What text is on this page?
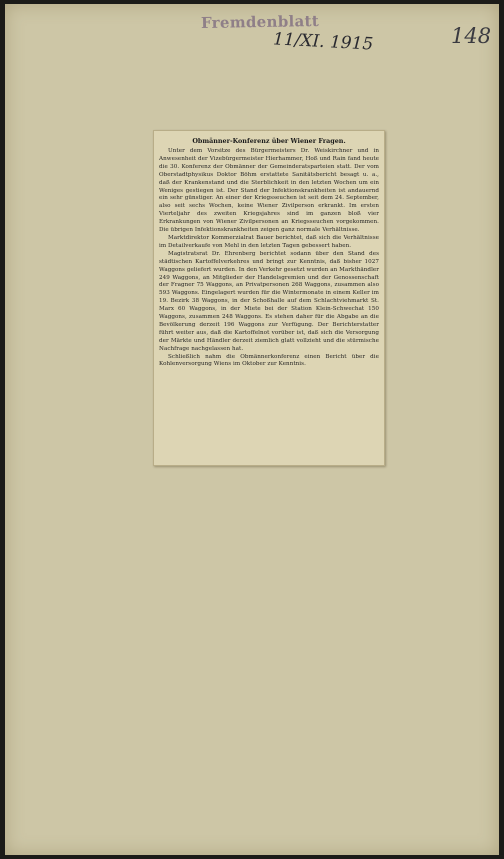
Fremdenblatt
11/XI. 1915	148
Obmänner-Konferenz über Wiener Fragen.

Unter dem Vorsitze des Bürgermeisters Dr. Weiskirchner und in Anwesenheit der Vizebürgermeister Hierhammer, Hoß und Rain fand heute die 30. Konferenz der Obmänner der Gemeinderatsparteien statt. Der vom Oberstadtphysikus Doktor Böhm erstattete Sanitätsbericht besagt u. a., daß der Krankenstand und die Sterblichkeit in den letzten Wochen um ein Weniges gestiegen ist. Der Stand der Infektionskrankheiten ist andauernd ein sehr günstiger. An einer der Kriegsseuchen ist seit dem 24. September, also seit sechs Wochen, keine Wiener Zivilperson erkrankt. Im ersten Vierteljahr des zweiten Kriegsjahres sind im ganzen bloß vier Erkrankungen von Wiener Zivilpersonen an Kriegsseuchen vorgekommen. Die übrigen Infektionskrankheiten zeigen ganz normale Verhältnisse.

Marktdirektor Kommerzialrat Bauer berichtet, daß sich die Verhältnisse im Detailverkaufe von Mehl in den letzten Tagen gebessert haben.

Magistratsrat Dr. Ehrenberg berichtet sodann über den Stand des städtischen Kartoffelverkehres und bringt zur Kenntnis, daß bisher 1027 Waggons geliefert wurden. In den Verkehr gesetzt wurden an Markthändler 249 Waggons, an Mitglieder der Handelsgremien und der Genossenschaft der Fragner 75 Waggons, an Privatpersonen 268 Waggons, zusammen also 593 Waggons. Eingelagert wurden für die Wintermonate in einem Keller im 19. Bezirk 38 Waggons, in der Schoßhalle auf dem Schlachtviehmarkt St. Marx 60 Waggons, in der Miete bei der Station Klein-Schwechat 150 Waggons, zusammen 248 Waggons. Es stehen daher für die Abgabe an die Bevölkerung derzeit 196 Waggons zur Verfügung. Der Berichterstatter führt weiter aus, daß die Kartoffelnot vorüber ist, daß sich die Versorgung der Märkte und Händler derzeit ziemlich glatt vollzieht und die stürmische Nachfrage nachgelassen hat.

Schließlich nahm die Obmännerkonferenz einen Bericht über die Kohlenversorgung Wiens im Oktober zur Kenntnis.
